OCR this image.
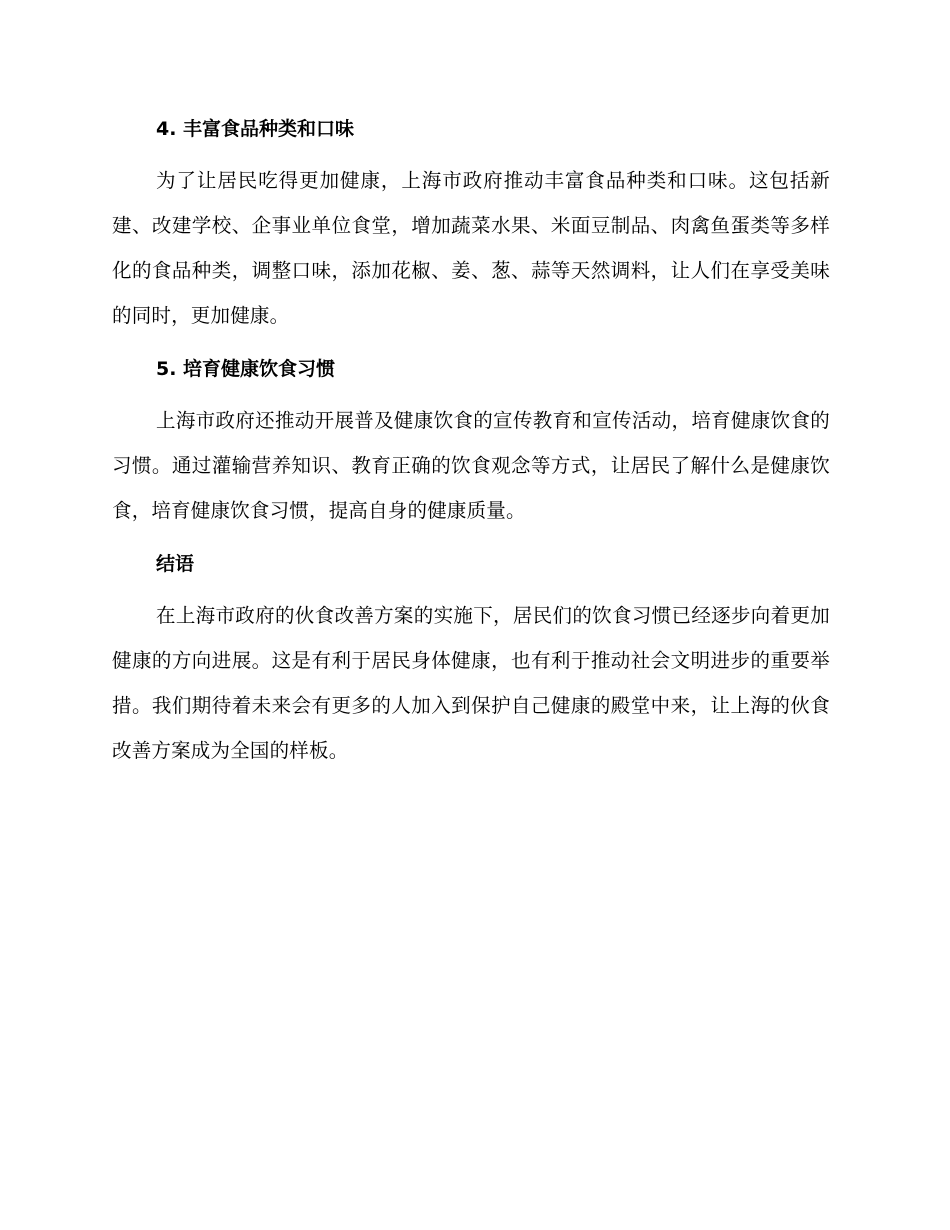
4. 丰富食品种类和口味

为了让居民吃得更加健康，上海市政府推动丰富食品种类和口味。这包括新建、改建学校、企事业单位食堂，增加蔬菜水果、米面豆制品、肉禽鱼蛋类等多样化的食品种类，调整口味，添加花椒、姜、葱、蒜等天然调料，让人们在享受美味的同时，更加健康。

5. 培育健康饮食习惯

上海市政府还推动开展普及健康饮食的宣传教育和宣传活动，培育健康饮食的习惯。通过灌输营养知识、教育正确的饮食观念等方式，让居民了解什么是健康饮食，培育健康饮食习惯，提高自身的健康质量。

结语

在上海市政府的伙食改善方案的实施下，居民们的饮食习惯已经逐步向着更加健康的方向进展。这是有利于居民身体健康，也有利于推动社会文明进步的重要举措。我们期待着未来会有更多的人加入到保护自己健康的殿堂中来，让上海的伙食改善方案成为全国的样板。
